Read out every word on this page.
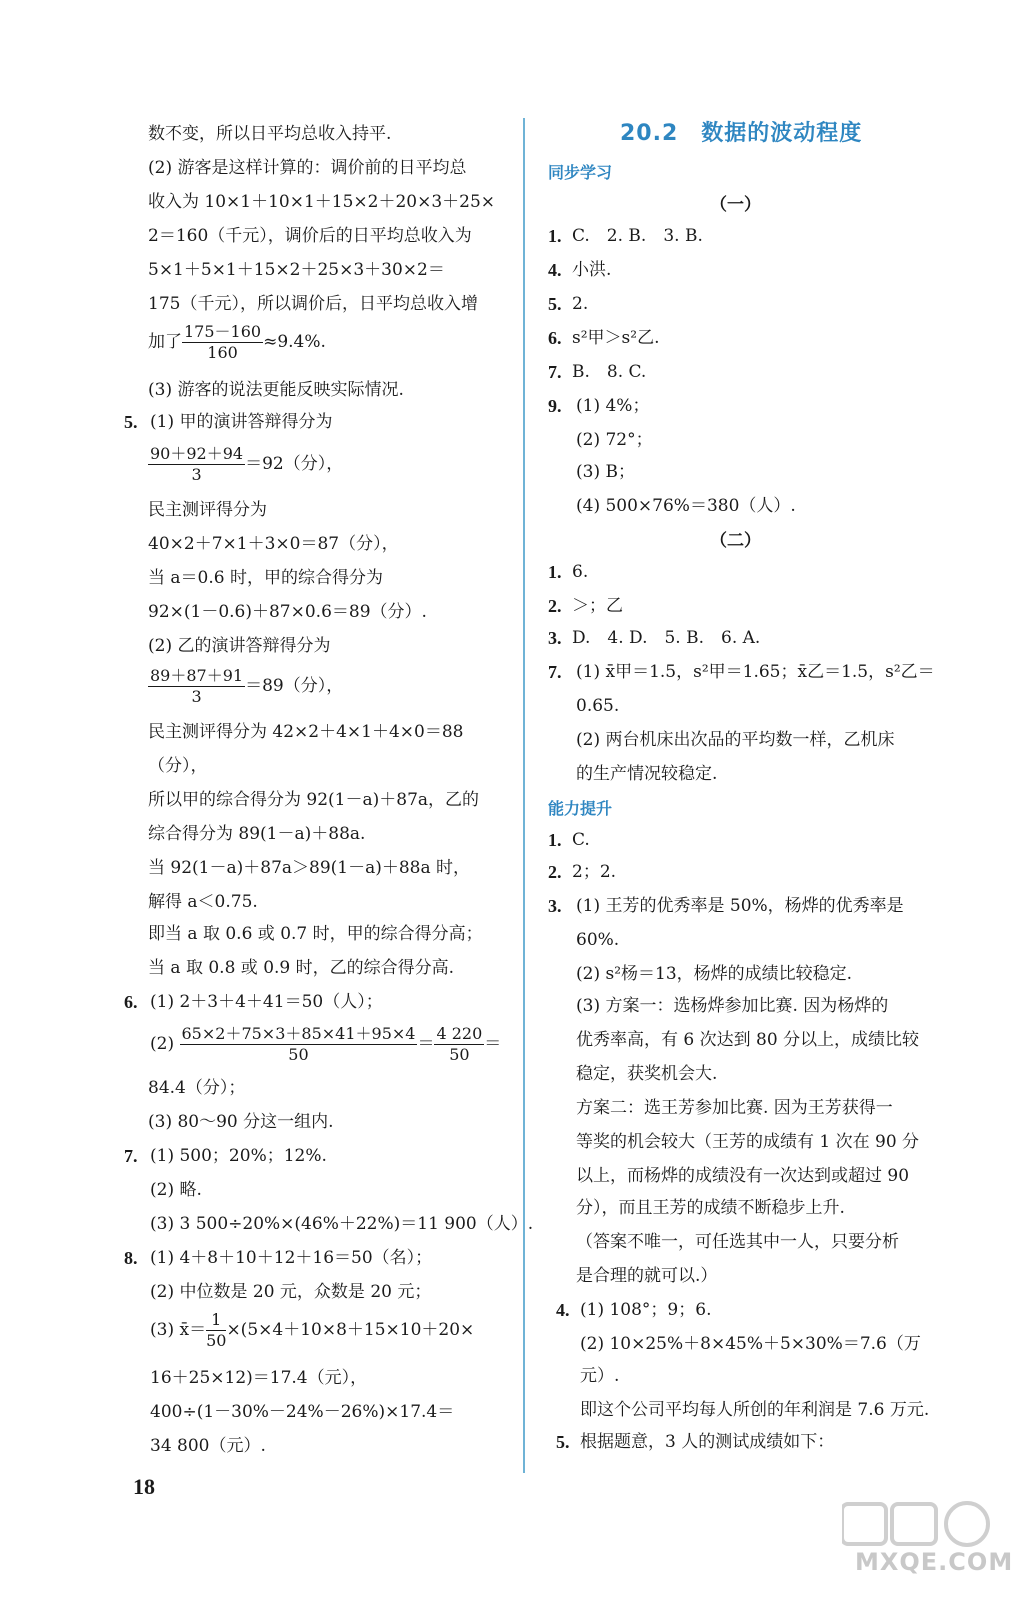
数不变，所以日平均总收入持平.
(2) 游客是这样计算的：调价前的日平均总
收入为 10×1＋10×1＋15×2＋20×3＋25×
2＝160（千元），调价后的日平均总收入为
5×1＋5×1＋15×2＋25×3＋30×2＝
175（千元），所以调价后，日平均总收入增
加了 $\frac{175-160}{160} \approx 9.4\%$.
(3) 游客的说法更能反映实际情况.
5. (1) 甲的演讲答辩得分为
$\frac{90+92+94}{3} =92$（分），
民主测评得分为
40×2＋7×1＋3×0＝87（分），
当 a＝0.6 时，甲的综合得分为
92×(1－0.6)＋87×0.6＝89（分）.
(2) 乙的演讲答辩得分为
$\frac{89+87+91}{3} =89$（分），
民主测评得分为 42×2＋4×1＋4×0＝88
（分），
所以甲的综合得分为 92(1－a)＋87a，乙的
综合得分为 89(1－a)＋88a.
当 92(1－a)＋87a＞89(1－a)＋88a 时，
解得 a＜0.75.
即当 a 取 0.6 或 0.7 时，甲的综合得分高；
当 a 取 0.8 或 0.9 时，乙的综合得分高.
6. (1) 2＋3＋4＋41＝50（人）；
$(2) \frac{65\times 2+75\times 3+85\times 41+95\times 4}{50} = \frac{4 220}{50}$ ＝
84.4（分）；
(3) 80～90 分这一组内.
7. (1) 500；20%；12%.
(2) 略.
(3) 3 500÷20%×(46%＋22%)＝11 900（人）.
8. (1) 4＋8＋10＋12＋16＝50（名）；
(2) 中位数是 20 元，众数是 20 元；
(3) x̄＝ $\frac{1}{50} \times(5\times 4+10\times 8+15\times 10+20\times$
16＋25×12)＝17.4（元），
400÷(1－30%－24%－26%)×17.4＝
34 800（元）.
20.2　数据的波动程度
同步学习
（一）
1. C.　2. B.　3. B.
4. 小洪.
5. 2.
6. s²甲＞s²乙.
7. B.　8. C.
9. (1) 4%；
(2) 72°；
(3) B；
(4) 500×76%＝380（人）.
（二）
1. 6.
2. ＞；乙
3. D.　4. D.　5. B.　6. A.
7. (1) x̄甲＝1.5，s²甲＝1.65；x̄乙＝1.5，s²乙＝
0.65.
(2) 两台机床出次品的平均数一样，乙机床
的生产情况较稳定.
能力提升
1. C.
2. 2；2.
3. (1) 王芳的优秀率是 50%，杨烨的优秀率是
60%.
(2) s²杨＝13，杨烨的成绩比较稳定.
(3) 方案一：选杨烨参加比赛. 因为杨烨的
优秀率高，有 6 次达到 80 分以上，成绩比较
稳定，获奖机会大.
方案二：选王芳参加比赛. 因为王芳获得一
等奖的机会较大（王芳的成绩有 1 次在 90 分
以上，而杨烨的成绩没有一次达到或超过 90
分），而且王芳的成绩不断稳步上升.
（答案不唯一，可任选其中一人，只要分析
是合理的就可以.）
4. (1) 108°；9；6.
(2) 10×25%＋8×45%＋5×30%＝7.6（万
元）.
即这个公司平均每人所创的年利润是 7.6 万元.
5. 根据题意，3 人的测试成绩如下：
18
MXQE.COM
